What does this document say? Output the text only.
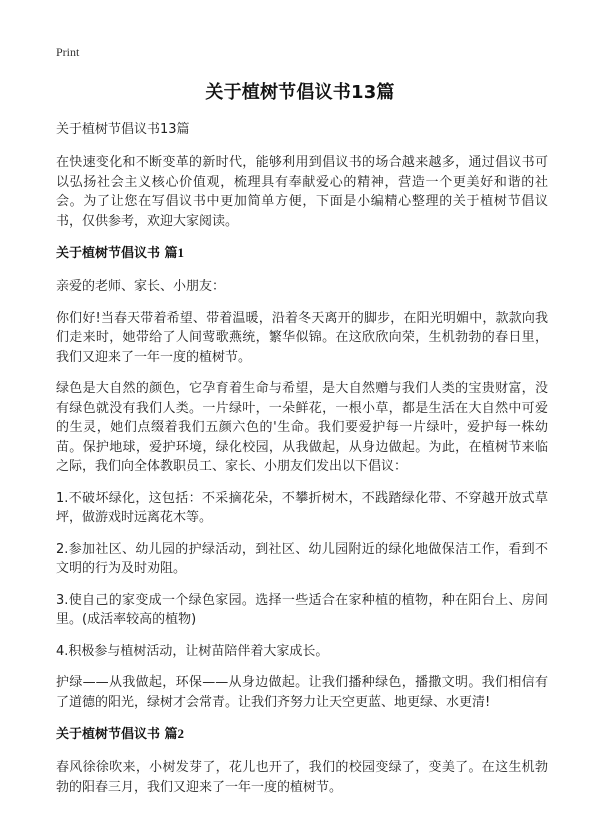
Print
关于植树节倡议书13篇

关于植树节倡议书13篇

在快速变化和不断变革的新时代，能够利用到倡议书的场合越来越多，通过倡议书可以弘扬社会主义核心价值观，梳理具有奉献爱心的精神，营造一个更美好和谐的社会。为了让您在写倡议书中更加简单方便，下面是小编精心整理的关于植树节倡议书，仅供参考，欢迎大家阅读。

关于植树节倡议书 篇1

亲爱的老师、家长、小朋友：

你们好!当春天带着希望、带着温暖，沿着冬天离开的脚步，在阳光明媚中，款款向我们走来时，她带给了人间莺歌燕统，繁华似锦。在这欣欣向荣，生机勃勃的春日里，我们又迎来了一年一度的植树节。

绿色是大自然的颜色，它孕育着生命与希望，是大自然赠与我们人类的宝贵财富，没有绿色就没有我们人类。一片绿叶，一朵鲜花，一根小草，都是生活在大自然中可爱的生灵，她们点缀着我们五颜六色的'生命。我们要爱护每一片绿叶，爱护每一株幼苗。保护地球，爱护环境，绿化校园，从我做起，从身边做起。为此，在植树节来临之际，我们向全体教职员工、家长、小朋友们发出以下倡议：

1.不破坏绿化，这包括：不采摘花朵，不攀折树木，不践踏绿化带、不穿越开放式草坪，做游戏时远离花木等。

2.参加社区、幼儿园的护绿活动，到社区、幼儿园附近的绿化地做保洁工作，看到不文明的行为及时劝阻。

3.使自己的家变成一个绿色家园。选择一些适合在家种植的植物，种在阳台上、房间里。(成活率较高的植物)

4.积极参与植树活动，让树苗陪伴着大家成长。

护绿——从我做起，环保——从身边做起。让我们播种绿色，播撒文明。我们相信有了道德的阳光，绿树才会常青。让我们齐努力让天空更蓝、地更绿、水更清!

关于植树节倡议书 篇2

春风徐徐吹来，小树发芽了，花儿也开了，我们的校园变绿了，变美了。在这生机勃勃的阳春三月，我们又迎来了一年一度的植树节。
